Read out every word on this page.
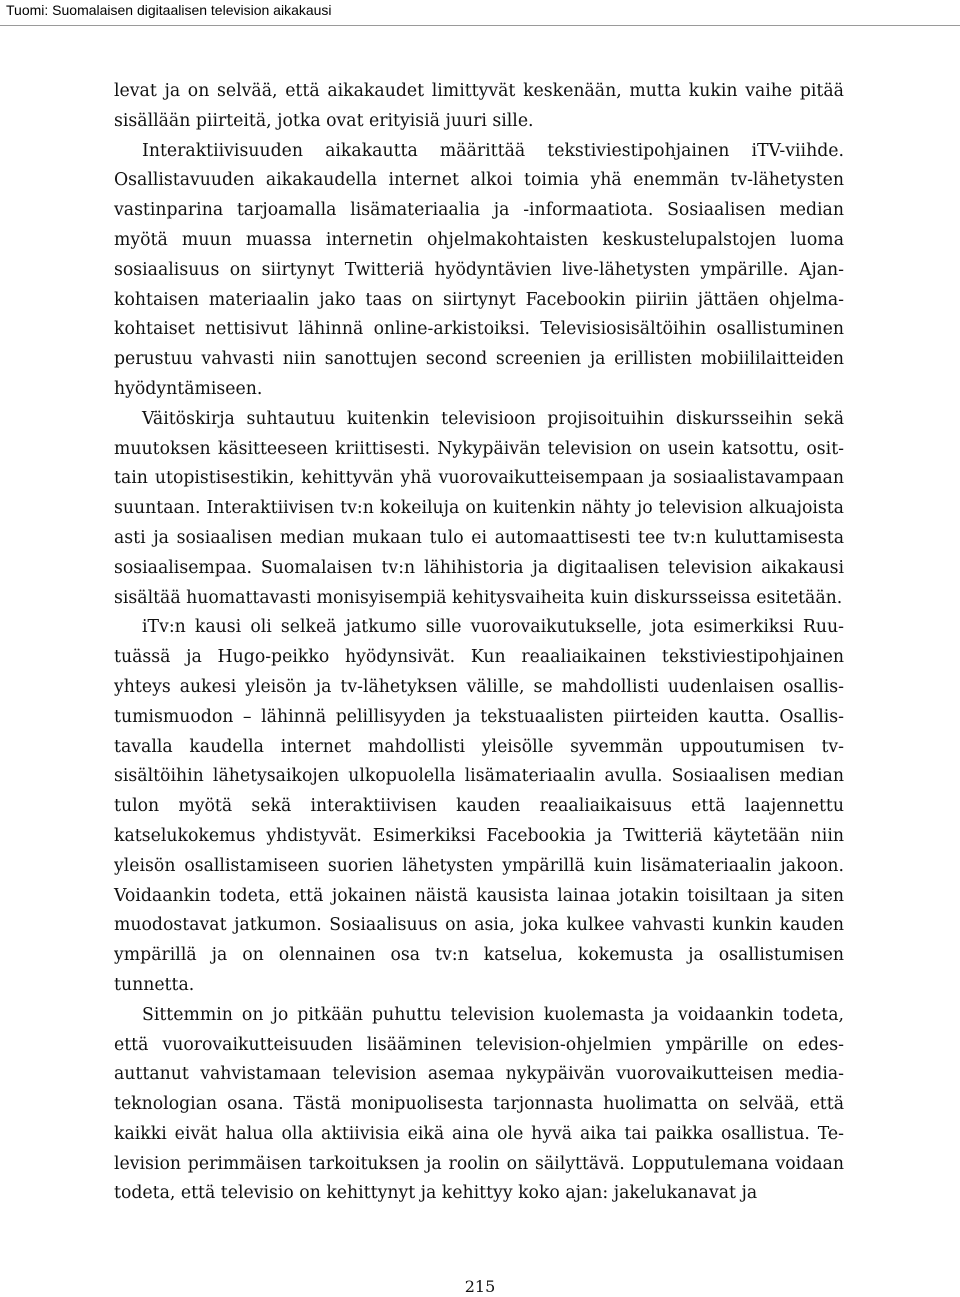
Tuomi: Suomalaisen digitaalisen television aikakausi

levat ja on selvää, että aikakaudet limittyvät keskenään, mutta kukin vaihe pitää sisällään piirteitä, jotka ovat erityisiä juuri sille.

Interaktiivisuuden aikakautta määrittää tekstiviestipohjainen iTV-viihde. Osallistavuuden aikakaudella internet alkoi toimia yhä enemmän tv-lähetysten vastinparina tarjoamalla lisämateriaalia ja -informaatiota. Sosiaalisen median myötä muun muassa internetin ohjelmakohtaisten keskustelupalstojen luoma sosiaalisuus on siirtynyt Twitteriä hyödyntävien live-lähetysten ympärille. Ajankohtaisen materiaalin jako taas on siirtynyt Facebookin piiriin jättäen ohjelmakohtaiset nettisivut lähinnä online-arkistoiksi. Televisiosisältöihin osallistuminen perustuu vahvasti niin sanottujen second screenien ja erillisten mobiililaitteiden hyödyntämiseen.

Väitöskirja suhtautuu kuitenkin televisioon projisoituihin diskursseihin sekä muutoksen käsitteeseen kriittisesti. Nykypäivän television on usein katsottu, osittain utopistisestikin, kehittyvän yhä vuorovaikutteisempaan ja sosiaalistavampaan suuntaan. Interaktiivisen tv:n kokeiluja on kuitenkin nähty jo television alkuajoista asti ja sosiaalisen median mukaan tulo ei automaattisesti tee tv:n kuluttamisesta sosiaalisempaa. Suomalaisen tv:n lähihistoria ja digitaalisen television aikakausi sisältää huomattavasti monisyisempiä kehitysvaiheita kuin diskursseissa esitetään.

iTv:n kausi oli selkeä jatkumo sille vuorovaikutukselle, jota esimerkiksi Ruutuässä ja Hugo-peikko hyödynsivät. Kun reaaliaikainen tekstiviestipohjainen yhteys aukesi yleisön ja tv-lähetyksen välille, se mahdollisti uudenlaisen osallistumismuodon – lähinnä pelillisyyden ja tekstuaalisten piirteiden kautta. Osallistavalla kaudella internet mahdollisti yleisölle syvemmän uppoutumisen tv-sisältöihin lähetysaikojen ulkopuolella lisämateriaalin avulla. Sosiaalisen median tulon myötä sekä interaktiivisen kauden reaaliaikaisuus että laajennettu katselukokemus yhdistyvät. Esimerkiksi Facebookia ja Twitteriä käytetään niin yleisön osallistamiseen suorien lähetysten ympärillä kuin lisämateriaalin jakoon. Voidaankin todeta, että jokainen näistä kausista lainaa jotakin toisiltaan ja siten muodostavat jatkumon. Sosiaalisuus on asia, joka kulkee vahvasti kunkin kauden ympärillä ja on olennainen osa tv:n katselua, kokemusta ja osallistumisen tunnetta.

Sittemmin on jo pitkään puhuttu television kuolemasta ja voidaankin todeta, että vuorovaikutteisuuden lisääminen television-ohjelmien ympärille on edesauttanut vahvistamaan television asemaa nykypäivän vuorovaikutteisen mediateknologian osana. Tästä monipuolisesta tarjonnasta huolimatta on selvää, että kaikki eivät halua olla aktiivisia eikä aina ole hyvä aika tai paikka osallistua. Television perimmäisen tarkoituksen ja roolin on säilyttävä. Lopputulemana voidaan todeta, että televisio on kehittynyt ja kehittyy koko ajan: jakelukanavat ja

215
